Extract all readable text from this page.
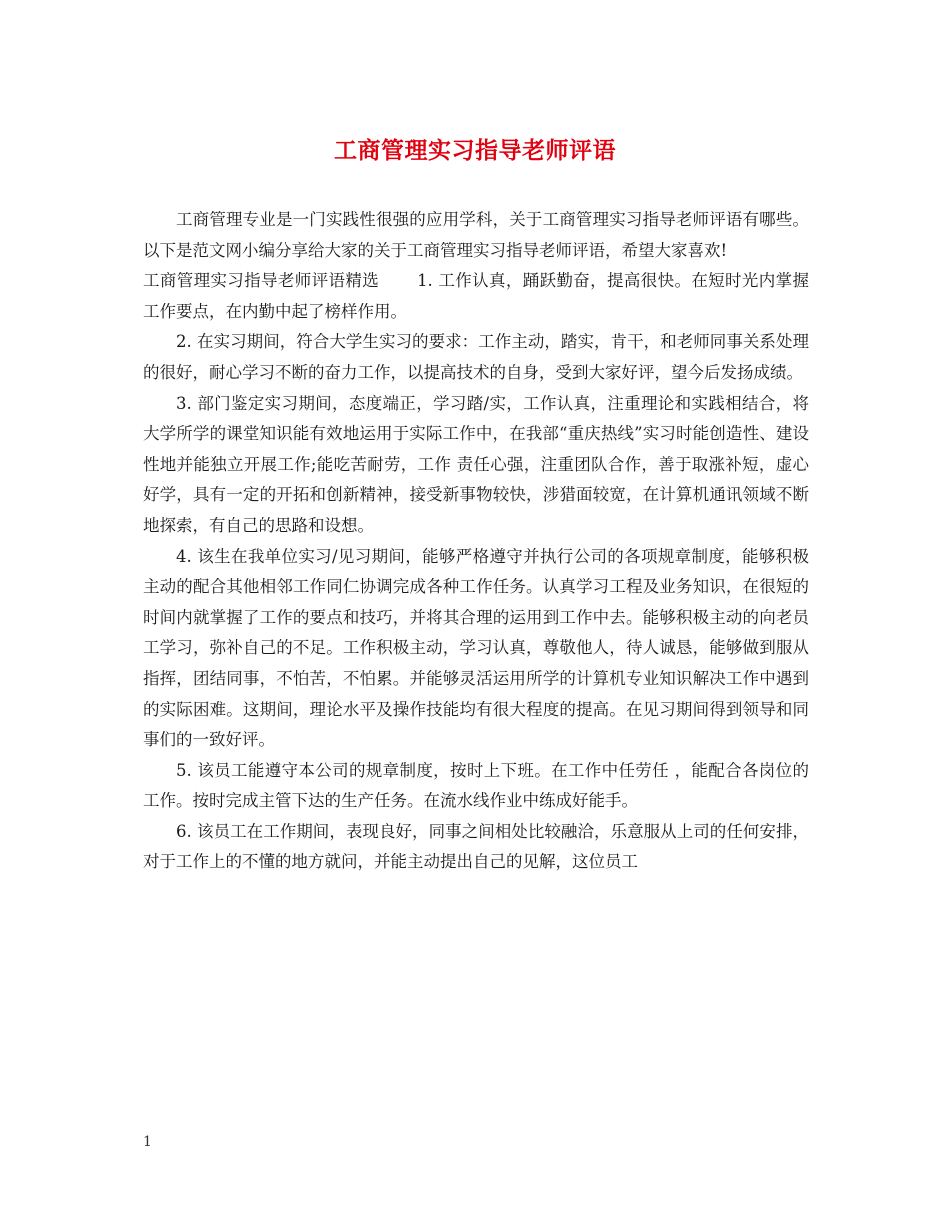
工商管理实习指导老师评语

工商管理专业是一门实践性很强的应用学科，关于工商管理实习指导老师评语有哪些。以下是范文网小编分享给大家的关于工商管理实习指导老师评语，希望大家喜欢!

工商管理实习指导老师评语精选 1. 工作认真，踊跃勤奋，提高很快。在短时光内掌握工作要点，在内勤中起了榜样作用。

2. 在实习期间，符合大学生实习的要求：工作主动，踏实，肯干，和老师同事关系处理的很好，耐心学习不断的奋力工作，以提高技术的自身，受到大家好评，望今后发扬成绩。

3. 部门鉴定实习期间，态度端正，学习踏/实，工作认真，注重理论和实践相结合，将大学所学的课堂知识能有效地运用于实际工作中，在我部“重庆热线”实习时能创造性、建设性地并能独立开展工作;能吃苦耐劳，工作 责任心强，注重团队合作，善于取涨补短，虚心好学，具有一定的开拓和创新精神，接受新事物较快，涉猎面较宽，在计算机通讯领域不断地探索，有自己的思路和设想。

4. 该生在我单位实习/见习期间，能够严格遵守并执行公司的各项规章制度，能够积极主动的配合其他相邻工作同仁协调完成各种工作任务。认真学习工程及业务知识，在很短的时间内就掌握了工作的要点和技巧，并将其合理的运用到工作中去。能够积极主动的向老员工学习，弥补自己的不足。工作积极主动，学习认真，尊敬他人，待人诚恳，能够做到服从指挥，团结同事，不怕苦，不怕累。并能够灵活运用所学的计算机专业知识解决工作中遇到的实际困难。这期间，理论水平及操作技能均有很大程度的提高。在见习期间得到领导和同事们的一致好评。

5. 该员工能遵守本公司的规章制度，按时上下班。在工作中任劳任 ，能配合各岗位的工作。按时完成主管下达的生产任务。在流水线作业中练成好能手。

6. 该员工在工作期间，表现良好，同事之间相处比较融洽，乐意服从上司的任何安排，对于工作上的不懂的地方就问，并能主动提出自己的见解，这位员工

1
